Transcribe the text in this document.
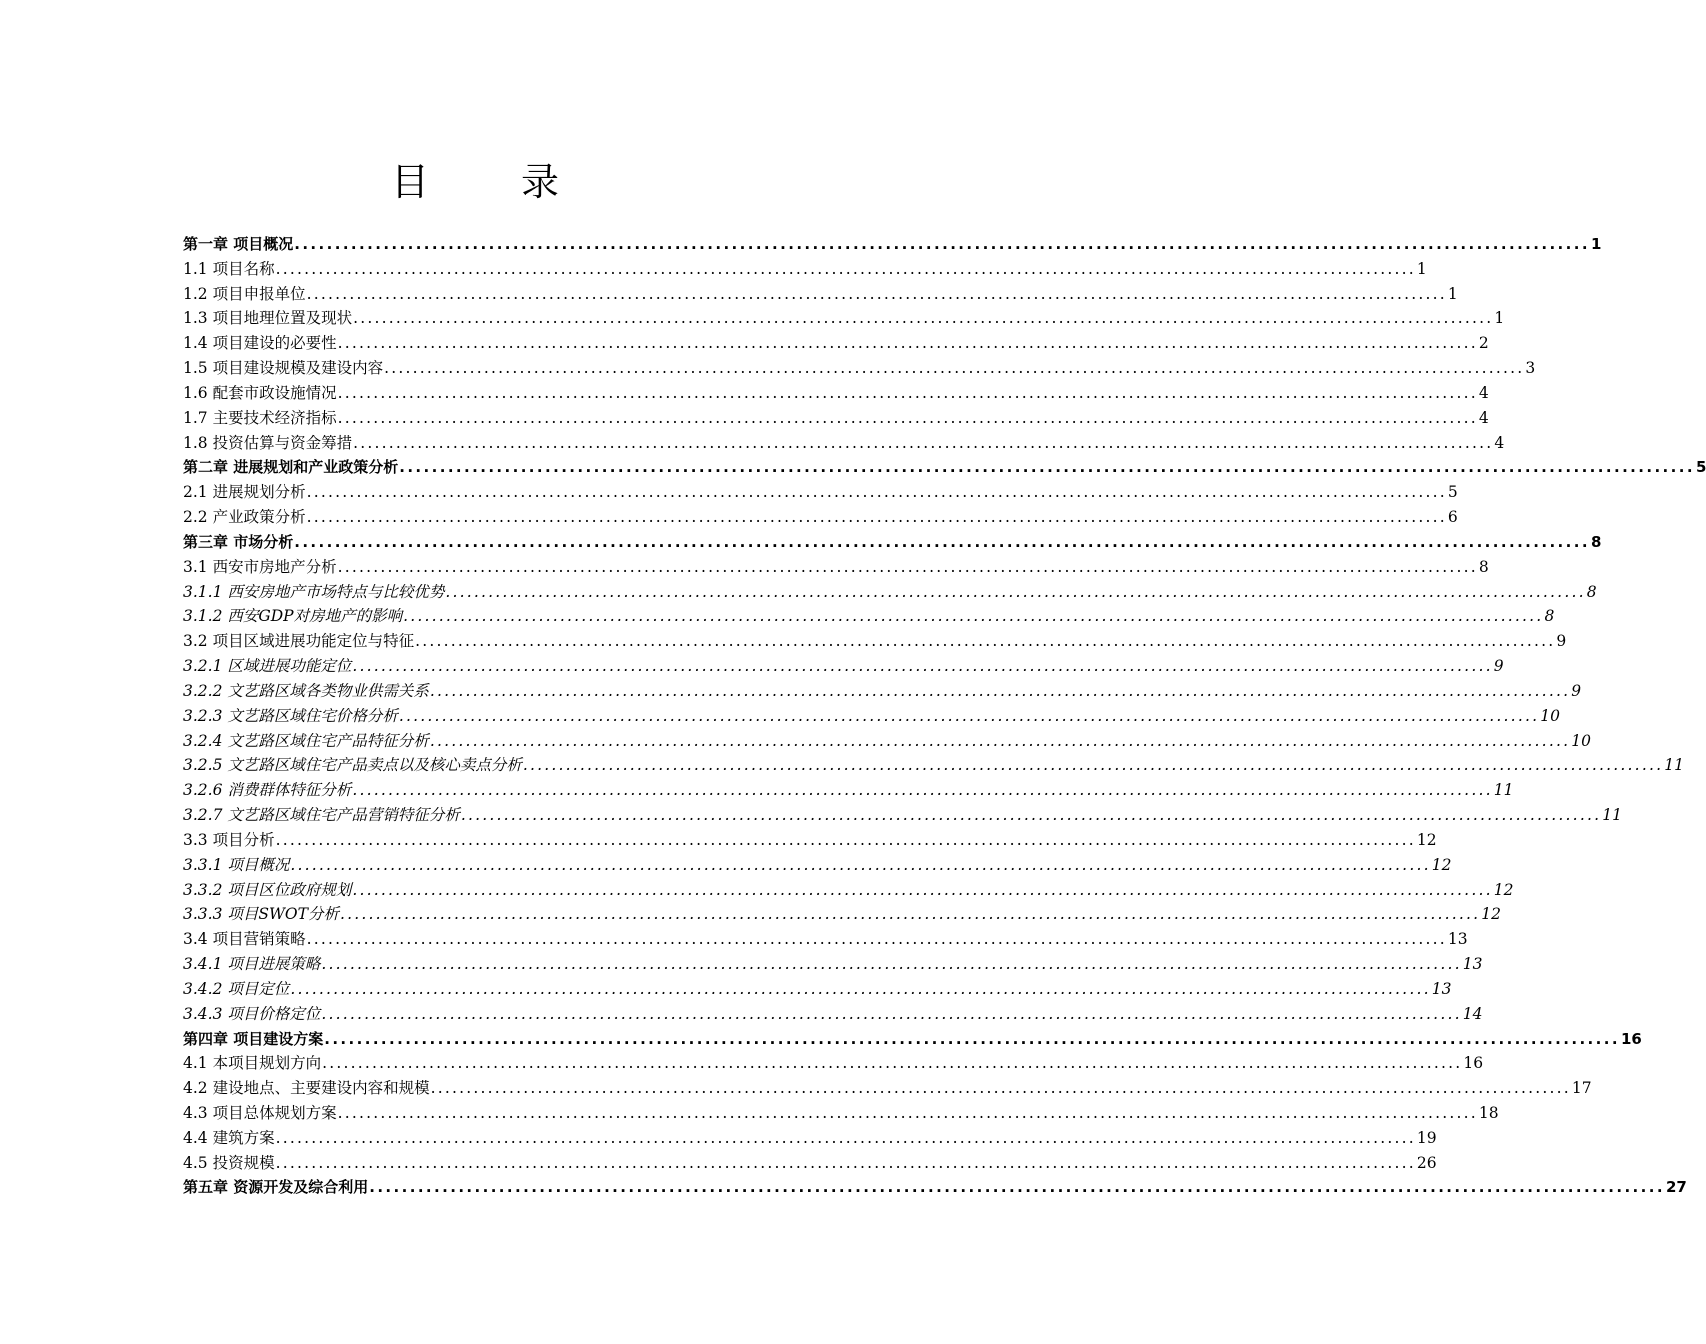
目 录
第一章 项目概况 ................................................................................................................................................................ 1
1.1 项目名称 ................................................................................................................................................................ 1
1.2 项目申报单位 ................................................................................................................................................................ 1
1.3 项目地理位置及现状 ................................................................................................................................................................ 1
1.4 项目建设的必要性 ................................................................................................................................................................ 2
1.5 项目建设规模及建设内容 ................................................................................................................................................................ 3
1.6 配套市政设施情况 ................................................................................................................................................................ 4
1.7 主要技术经济指标 ................................................................................................................................................................ 4
1.8 投资估算与资金筹措 ................................................................................................................................................................ 4
第二章 进展规划和产业政策分析 ................................................................................................................................................................ 5
2.1 进展规划分析 ................................................................................................................................................................ 5
2.2 产业政策分析 ................................................................................................................................................................ 6
第三章 市场分析 ................................................................................................................................................................ 8
3.1 西安市房地产分析 ................................................................................................................................................................ 8
3.1.1 西安房地产市场特点与比较优势 ................................................................................................................................................................ 8
3.1.2 西安GDP对房地产的影响 ................................................................................................................................................................ 8
3.2 项目区域进展功能定位与特征 ................................................................................................................................................................ 9
3.2.1 区域进展功能定位 ................................................................................................................................................................ 9
3.2.2 文艺路区域各类物业供需关系 ................................................................................................................................................................ 9
3.2.3 文艺路区域住宅价格分析 ................................................................................................................................................................ 10
3.2.4 文艺路区域住宅产品特征分析 ................................................................................................................................................................ 10
3.2.5 文艺路区域住宅产品卖点以及核心卖点分析 ................................................................................................................................................................ 11
3.2.6 消费群体特征分析 ................................................................................................................................................................ 11
3.2.7 文艺路区域住宅产品营销特征分析 ................................................................................................................................................................ 11
3.3 项目分析 ................................................................................................................................................................ 12
3.3.1 项目概况 ................................................................................................................................................................ 12
3.3.2 项目区位政府规划 ................................................................................................................................................................ 12
3.3.3 项目SWOT分析 ................................................................................................................................................................ 12
3.4 项目营销策略 ................................................................................................................................................................ 13
3.4.1 项目进展策略 ................................................................................................................................................................ 13
3.4.2 项目定位 ................................................................................................................................................................ 13
3.4.3 项目价格定位 ................................................................................................................................................................ 14
第四章 项目建设方案 ................................................................................................................................................................ 16
4.1 本项目规划方向 ................................................................................................................................................................ 16
4.2 建设地点、主要建设内容和规模 ................................................................................................................................................................ 17
4.3 项目总体规划方案 ................................................................................................................................................................ 18
4.4 建筑方案 ................................................................................................................................................................ 19
4.5 投资规模 ................................................................................................................................................................ 26
第五章 资源开发及综合利用 ................................................................................................................................................................ 27
